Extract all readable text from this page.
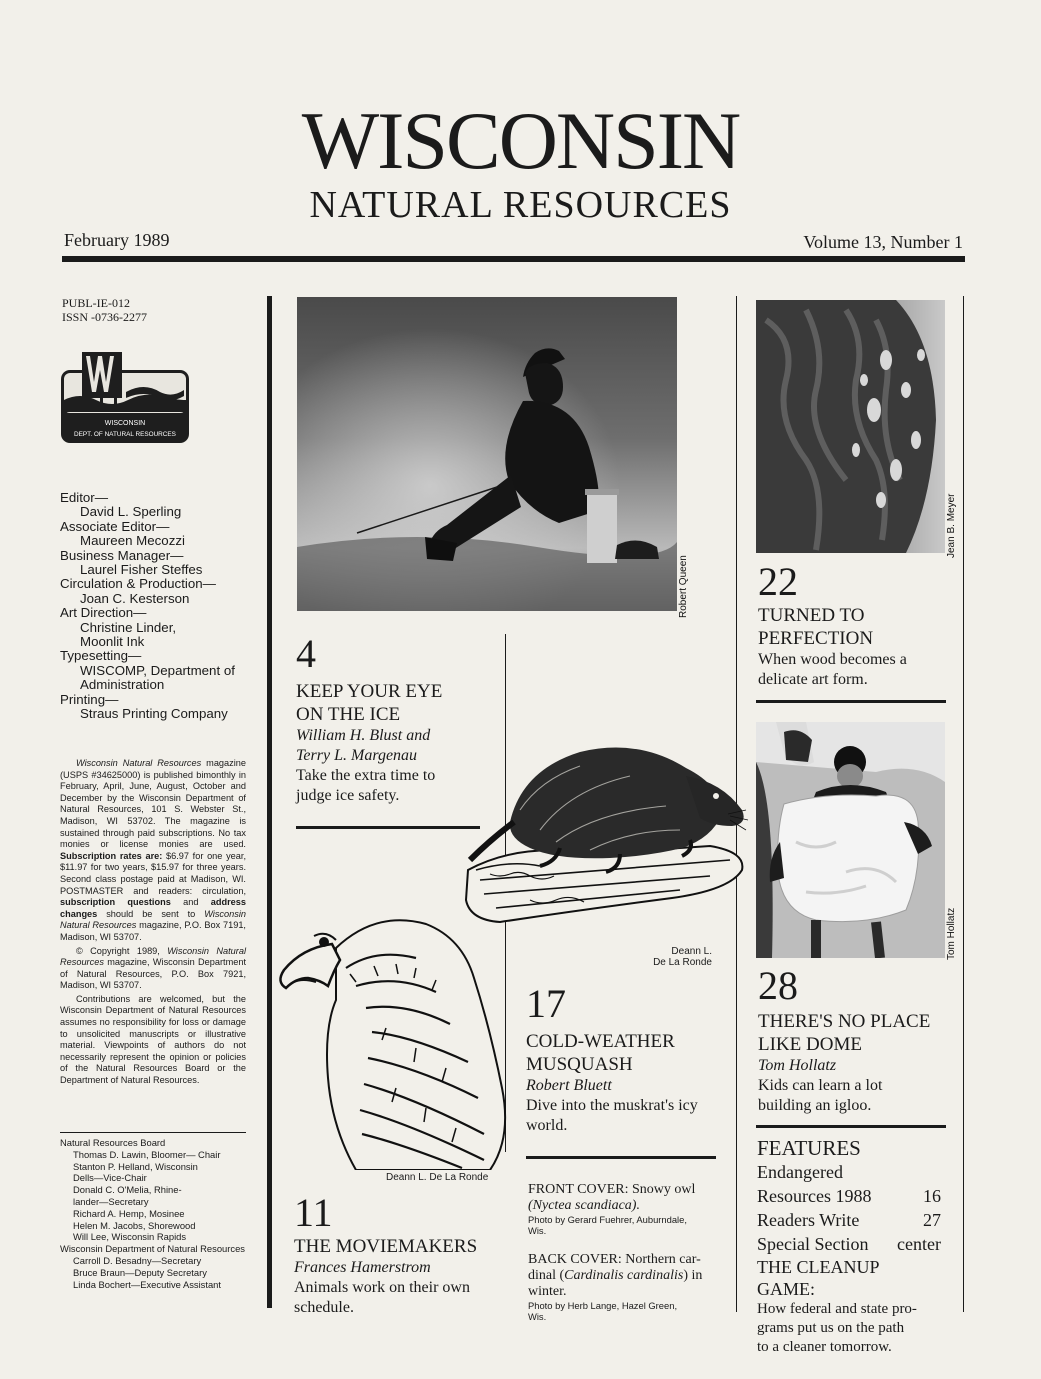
WISCONSIN
NATURAL RESOURCES
February 1989	Volume 13, Number 1
PUBL-IE-012
ISSN -0736-2277
WISCONSIN
DEPT. OF NATURAL RESOURCES
Editor—
David L. Sperling
Associate Editor—
Maureen Mecozzi
Business Manager—
Laurel Fisher Steffes
Circulation & Production—
Joan C. Kesterson
Art Direction—
Christine Linder,
Moonlit Ink
Typesetting—
WISCOMP, Department of
Administration
Printing—
Straus Printing Company

Wisconsin Natural Resources magazine (USPS #34625000) is published bimonthly in February, April, June, August, October and December by the Wisconsin Department of Natural Resources, 101 S. Webster St., Madison, WI 53702. The magazine is sustained through paid subscriptions. No tax monies or license monies are used. Subscription rates are: $6.97 for one year, $11.97 for two years, $15.97 for three years. Second class postage paid at Madison, WI. POSTMASTER and readers: circulation, subscription questions and address changes should be sent to Wisconsin Natural Resources magazine, P.O. Box 7191, Madison, WI 53707.

© Copyright 1989, Wisconsin Natural Resources magazine, Wisconsin Department of Natural Resources, P.O. Box 7921, Madison, WI 53707.

Contributions are welcomed, but the Wisconsin Department of Natural Resources assumes no responsibility for loss or damage to unsolicited manuscripts or illustrative material. Viewpoints of authors do not necessarily represent the opinion or policies of the Natural Resources Board or the Department of Natural Resources.

Natural Resources Board
Thomas D. Lawin, Bloomer— Chair
Stanton P. Helland, Wisconsin
Dells—Vice-Chair
Donald C. O'Melia, Rhine-
lander—Secretary
Richard A. Hemp, Mosinee
Helen M. Jacobs, Shorewood
Will Lee, Wisconsin Rapids
Wisconsin Department of Natural Resources
Carroll D. Besadny—Secretary
Bruce Braun—Deputy Secretary
Linda Bochert—Executive Assistant
Robert Queen
4
KEEP YOUR EYE
ON THE ICE
William H. Blust and
Terry L. Margenau
Take the extra time to
judge ice safety.
Deann L.
De La Ronde
Deann L. De La Ronde
11
THE MOVIEMAKERS
Frances Hamerstrom
Animals work on their own
schedule.
17
COLD-WEATHER
MUSQUASH
Robert Bluett
Dive into the muskrat's icy
world.
FRONT COVER: Snowy owl
(Nyctea scandiaca).
Photo by Gerard Fuehrer, Auburndale,
Wis.
BACK COVER: Northern car-
dinal (Cardinalis cardinalis) in
winter.
Photo by Herb Lange, Hazel Green,
Wis.
Jean B. Meyer
22
TURNED TO
PERFECTION
When wood becomes a
delicate art form.
Tom Hollatz
28
THERE'S NO PLACE
LIKE DOME
Tom Hollatz
Kids can learn a lot
building an igloo.
FEATURES
Endangered
Resources 1988	16
Readers Write	27
Special Section center
THE CLEANUP GAME:
How federal and state pro-
grams put us on the path
to a cleaner tomorrow.
